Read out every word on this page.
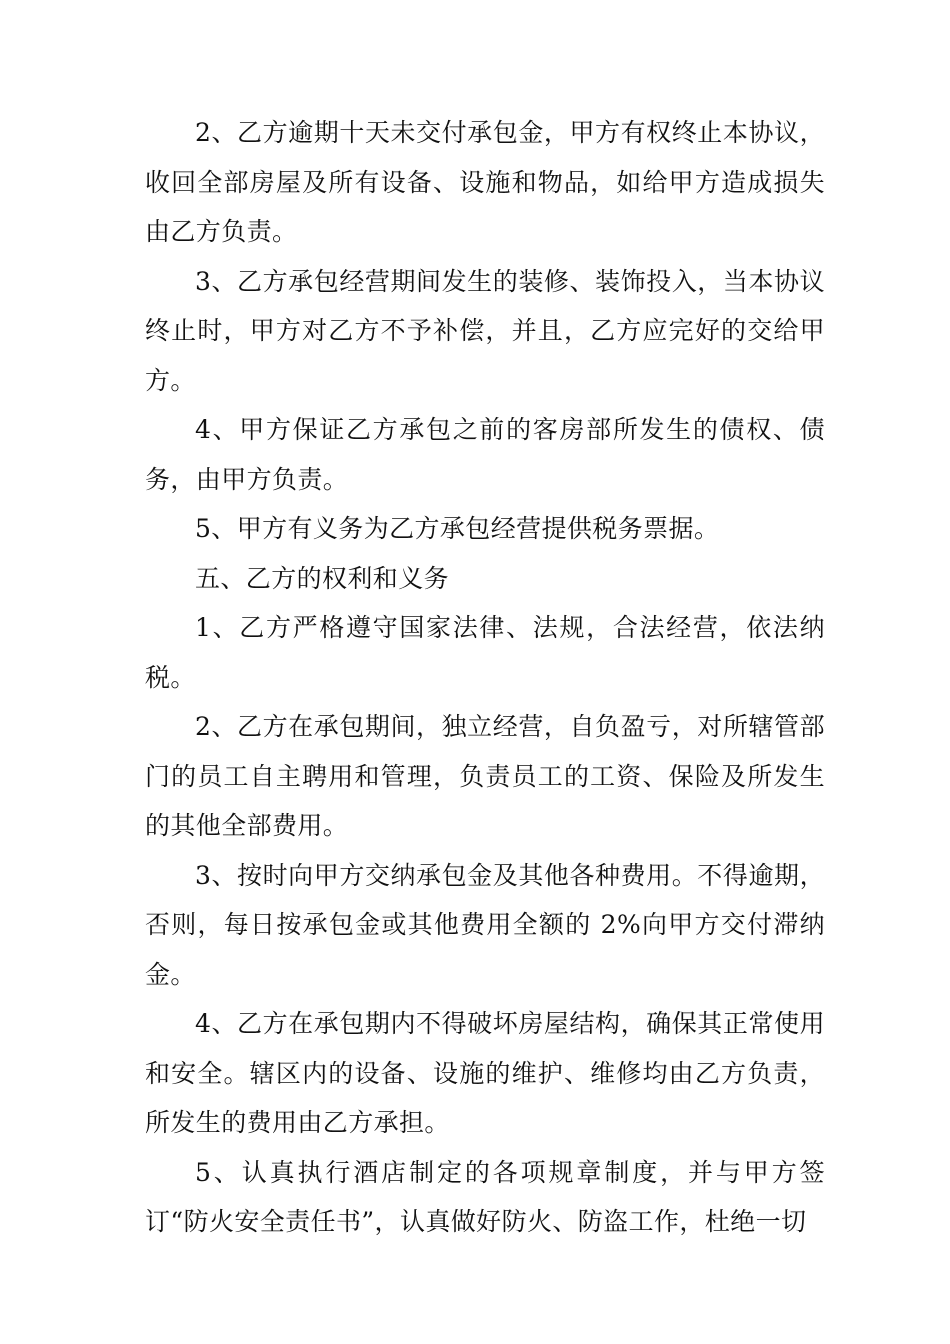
2、乙方逾期十天未交付承包金，甲方有权终止本协议，收回全部房屋及所有设备、设施和物品，如给甲方造成损失由乙方负责。

3、乙方承包经营期间发生的装修、装饰投入，当本协议终止时，甲方对乙方不予补偿，并且，乙方应完好的交给甲方。

4、甲方保证乙方承包之前的客房部所发生的债权、债务，由甲方负责。

5、甲方有义务为乙方承包经营提供税务票据。

五、乙方的权利和义务

1、乙方严格遵守国家法律、法规，合法经营，依法纳税。

2、乙方在承包期间，独立经营，自负盈亏，对所辖管部门的员工自主聘用和管理，负责员工的工资、保险及所发生的其他全部费用。

3、按时向甲方交纳承包金及其他各种费用。不得逾期，否则，每日按承包金或其他费用全额的 2%向甲方交付滞纳金。

4、乙方在承包期内不得破坏房屋结构，确保其正常使用和安全。辖区内的设备、设施的维护、维修均由乙方负责，所发生的费用由乙方承担。

5、认真执行酒店制定的各项规章制度，并与甲方签订“防火安全责任书”，认真做好防火、防盗工作，杜绝一切
